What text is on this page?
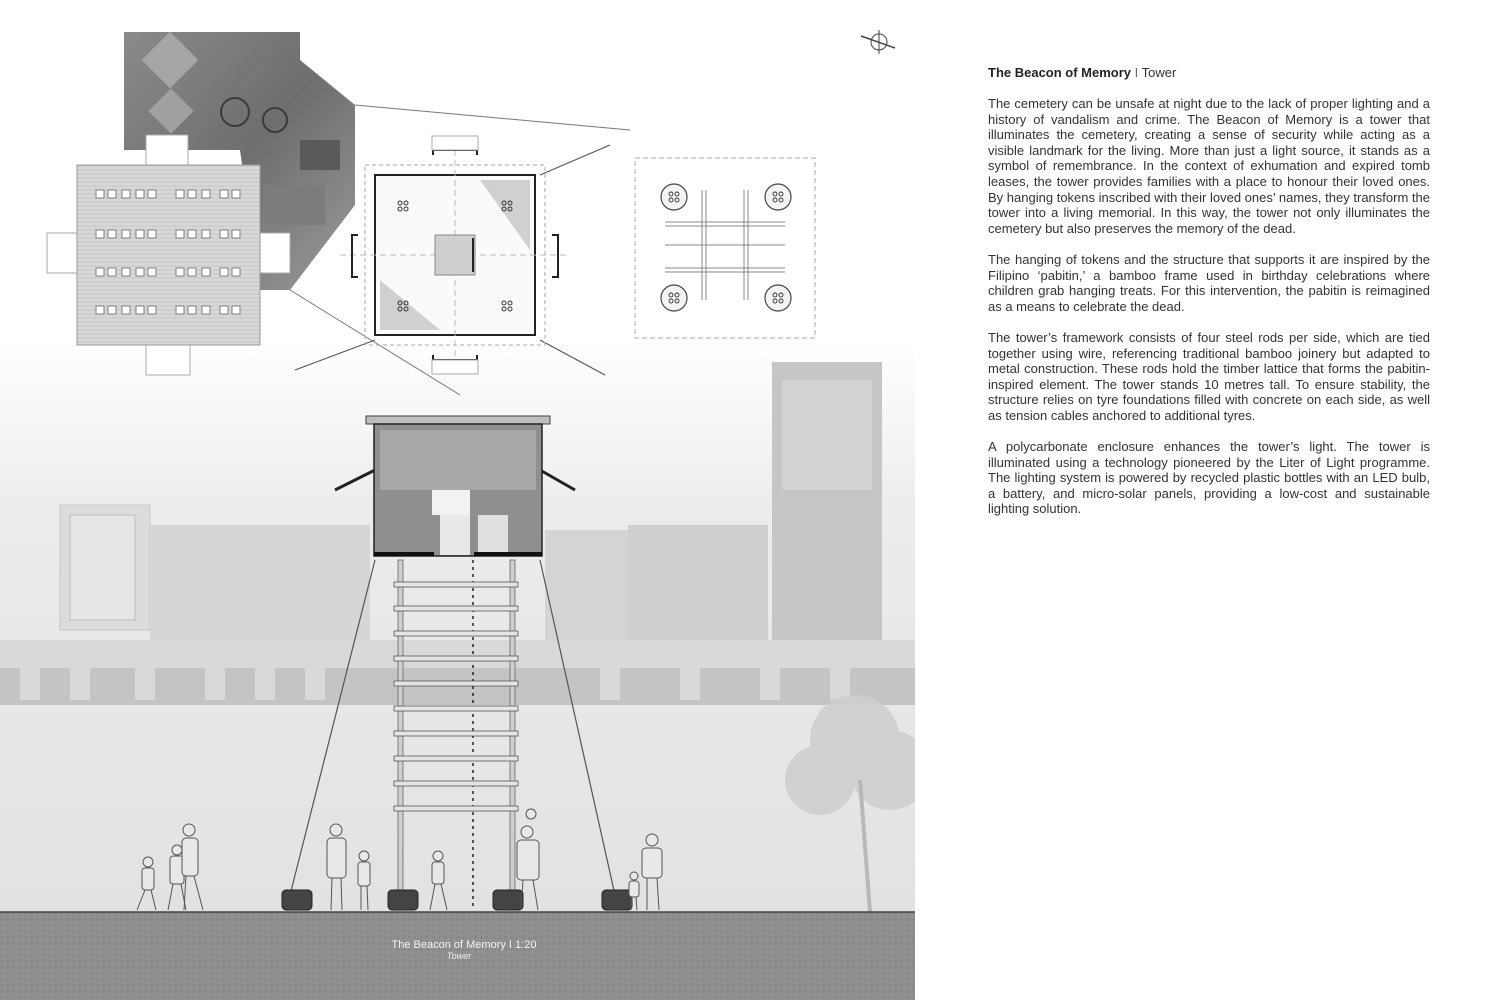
The Beacon of Memory I 1:20
Tower
The Beacon of Memory I Tower

The cemetery can be unsafe at night due to the lack of proper lighting and a history of vandalism and crime. The Beacon of Memory is a tower that illuminates the cemetery, creating a sense of security while acting as a visible landmark for the living. More than just a light source, it stands as a symbol of remembrance. In the context of exhumation and expired tomb leases, the tower provides families with a place to honour their loved ones. By hanging tokens inscribed with their loved ones’ names, they transform the tower into a living memorial. In this way, the tower not only illuminates the cemetery but also preserves the memory of the dead.

The hanging of tokens and the structure that supports it are inspired by the Filipino ‘pabitin,’ a bamboo frame used in birthday celebrations where children grab hanging treats. For this intervention, the pabitin is reimagined as a means to celebrate the dead.

The tower’s framework consists of four steel rods per side, which are tied together using wire, referencing traditional bamboo joinery but adapted to metal construction. These rods hold the timber lattice that forms the pabitin-inspired element. The tower stands 10 metres tall. To ensure stability, the structure relies on tyre foundations filled with concrete on each side, as well as tension cables anchored to additional tyres.

A polycarbonate enclosure enhances the tower’s light. The tower is illuminated using a technology pioneered by the Liter of Light programme. The lighting system is powered by recycled plastic bottles with an LED bulb, a battery, and micro-solar panels, providing a low-cost and sustainable lighting solution.
